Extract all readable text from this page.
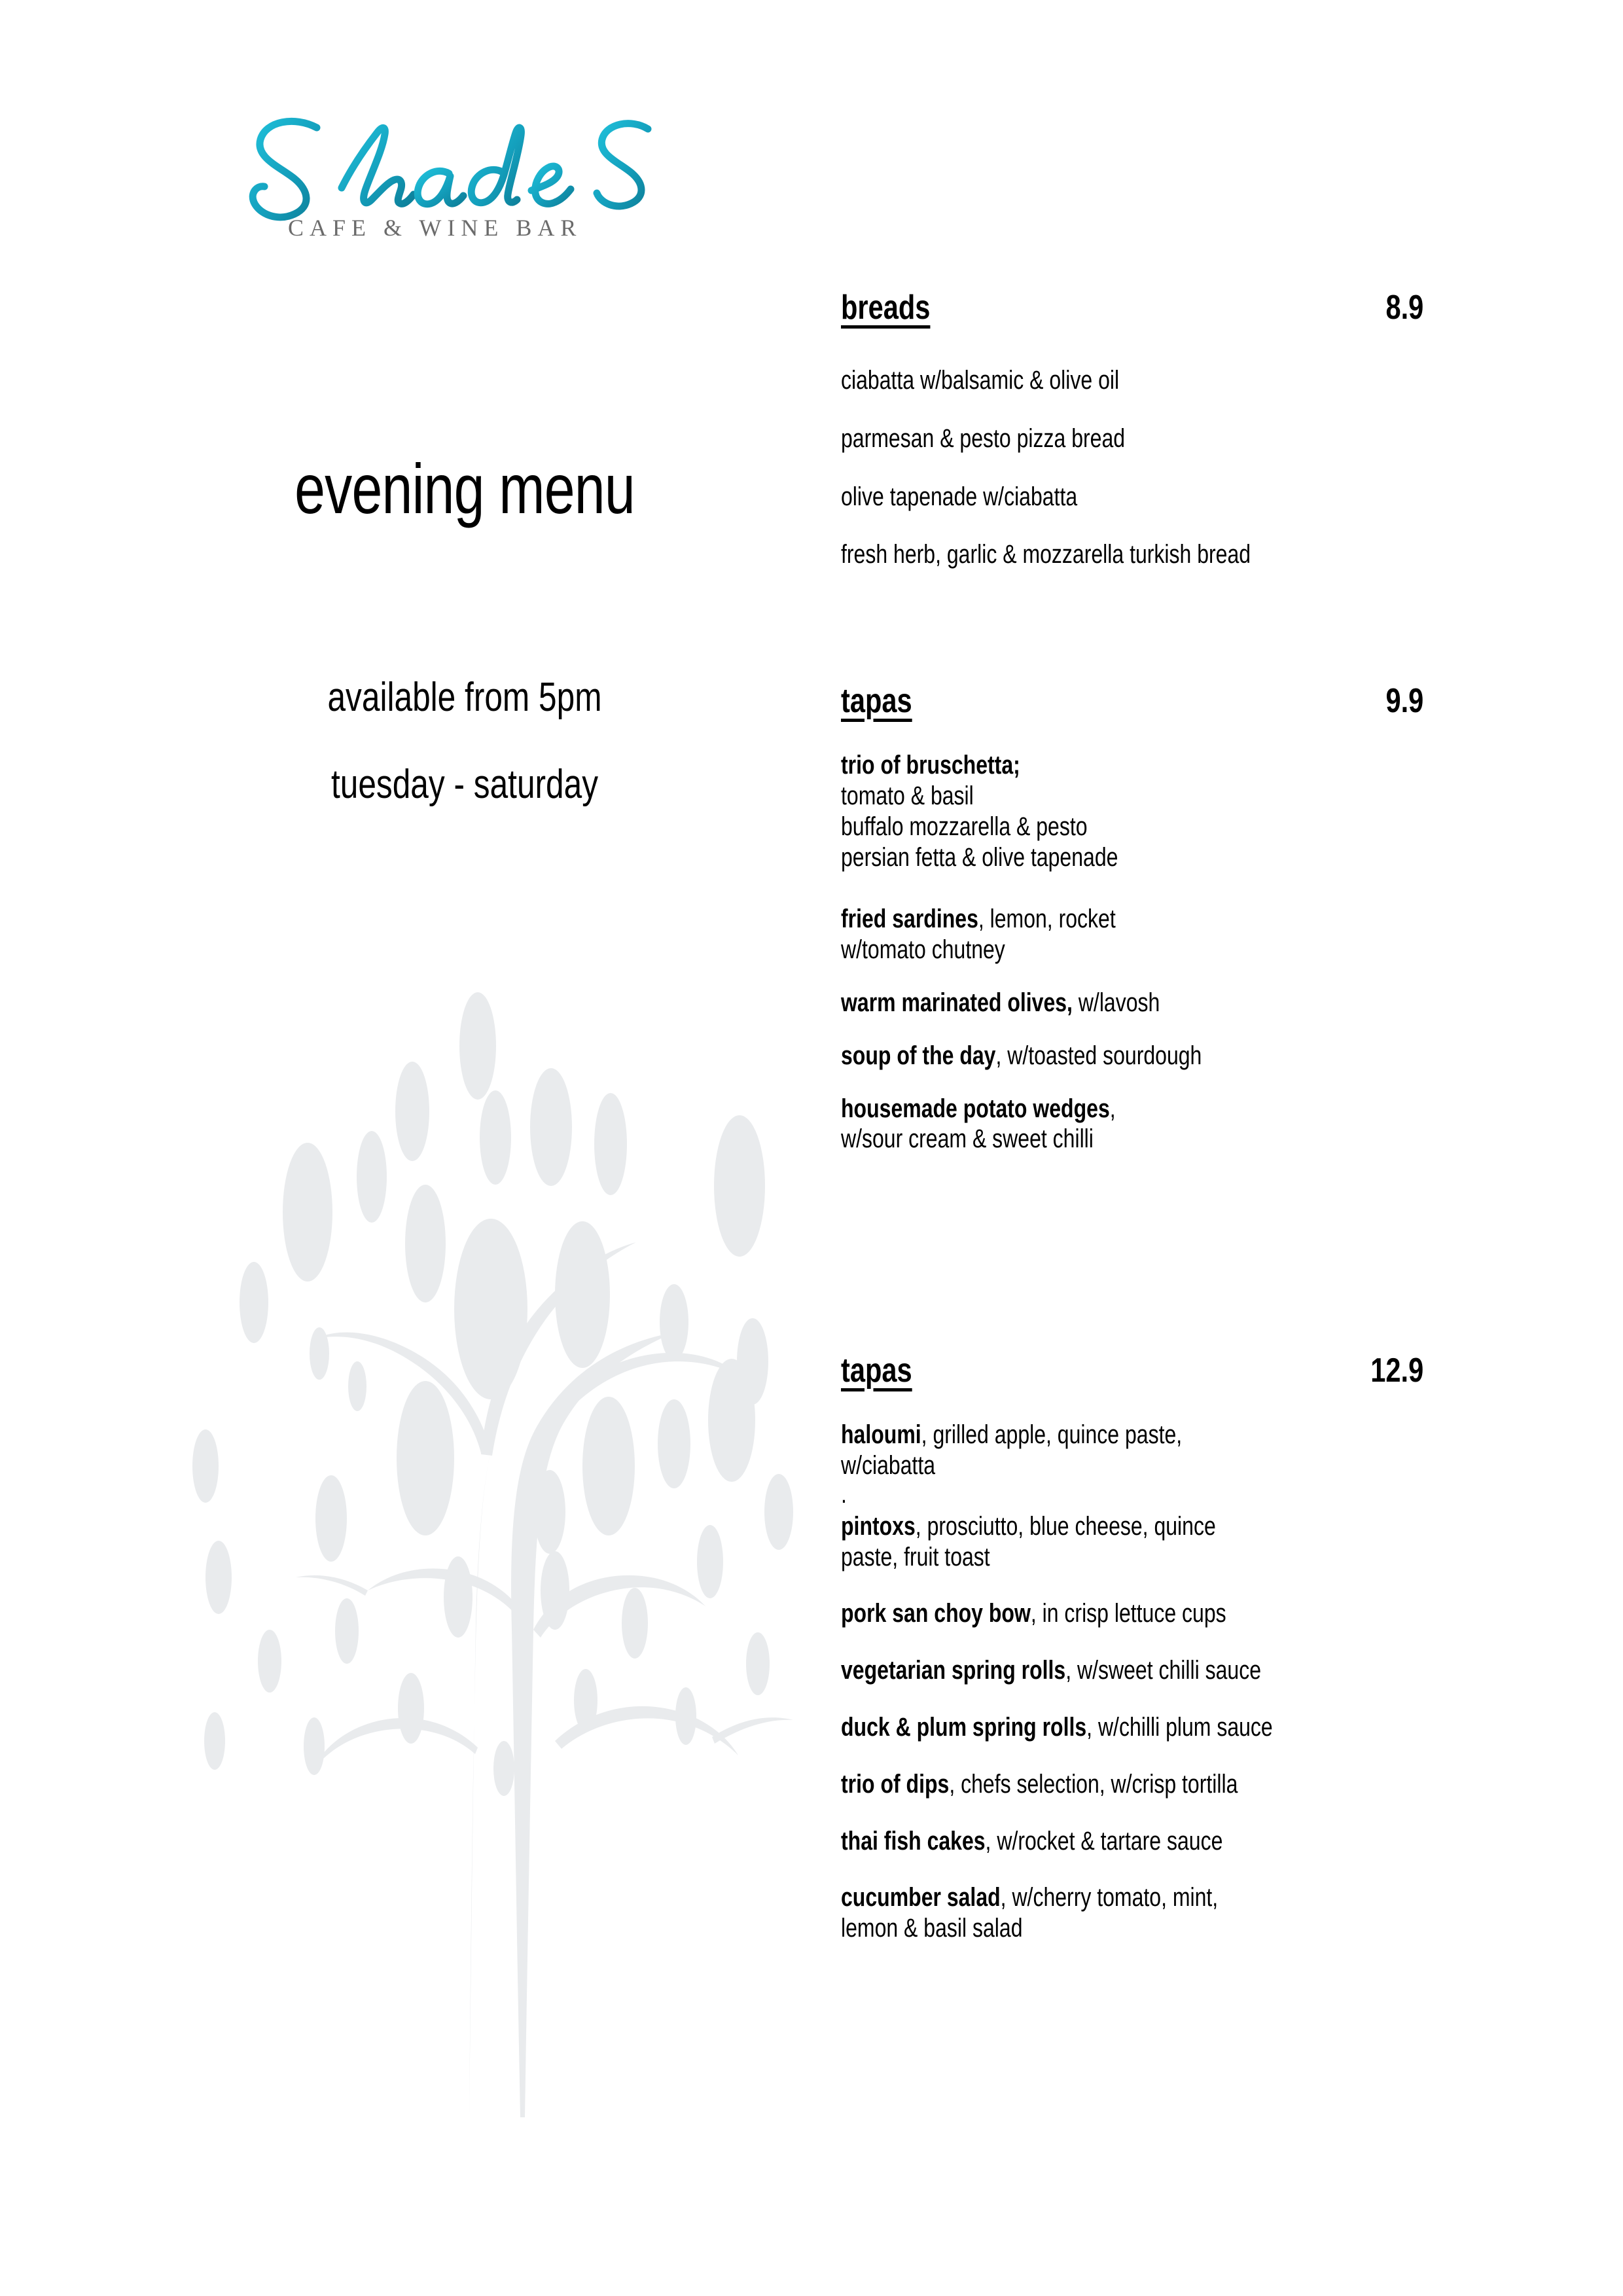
CAFE & WINE BAR
evening menu
available from 5pm
tuesday - saturday
breads	8.9
ciabatta w/balsamic & olive oil
parmesan & pesto pizza bread
olive tapenade w/ciabatta
fresh herb, garlic & mozzarella turkish bread
tapas	9.9
trio of bruschetta;
tomato & basil
buffalo mozzarella & pesto
persian fetta & olive tapenade
fried sardines, lemon, rocket
w/tomato chutney
warm marinated olives, w/lavosh
soup of the day, w/toasted sourdough
housemade potato wedges,
w/sour cream & sweet chilli
tapas	12.9
haloumi, grilled apple, quince paste,
w/ciabatta
.
pintoxs, prosciutto, blue cheese, quince
paste, fruit toast
pork san choy bow, in crisp lettuce cups
vegetarian spring rolls, w/sweet chilli sauce
duck & plum spring rolls, w/chilli plum sauce
trio of dips, chefs selection, w/crisp tortilla
thai fish cakes, w/rocket & tartare sauce
cucumber salad, w/cherry tomato, mint,
lemon & basil salad
